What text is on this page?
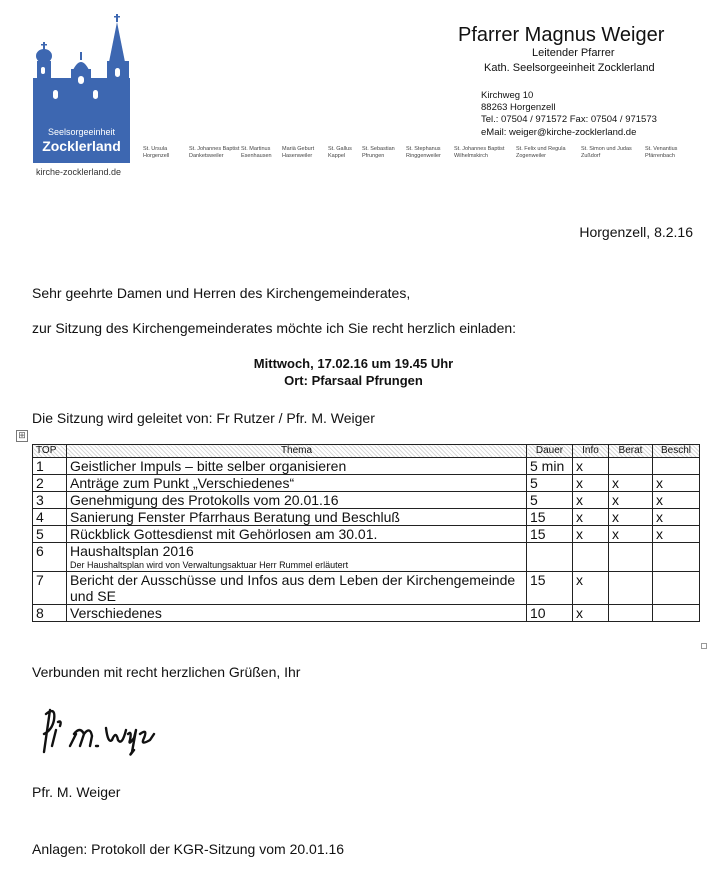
Seelsorgeeinheit
Zocklerland
kirche-zocklerland.de
St. Ursula
Horgenzell
St. Johannes Baptist
Danketsweiler
St. Martinus
Esenhausen
Mariä Geburt
Hasenweiler
St. Gallus
Kappel
St. Sebastian
Pfrungen
St. Stephanus
Ringgenweiler
St. Johannes Baptist
Wilhelmskirch
St. Felix und Regula
Zogenweiler
St. Simon und Judas
Zußdorf
St. Venantius
Pfärrenbach
Pfarrer Magnus Weiger
Leitender Pfarrer
Kath. Seelsorgeeinheit Zocklerland
Kirchweg 10
88263 Horgenzell
Tel.: 07504 / 971572 Fax: 07504 / 971573
eMail: weiger@kirche-zocklerland.de
Horgenzell, 8.2.16
Sehr geehrte Damen und Herren des Kirchengemeinderates,
zur Sitzung des Kirchengemeinderates möchte ich Sie recht herzlich einladen:
Mittwoch, 17.02.16 um 19.45 Uhr
Ort: Pfarsaal Pfrungen
Die Sitzung wird geleitet von: Fr Rutzer / Pfr. M. Weiger
⊞
TOP	Thema	Dauer	Info	Berat	Beschl
1	Geistlicher Impuls – bitte selber organisieren	5 min	x		
2	Anträge zum Punkt „Verschiedenes“	5	x	x	x
3	Genehmigung des Protokolls vom 20.01.16	5	x	x	x
4	Sanierung Fenster Pfarrhaus Beratung und Beschluß	15	x	x	x
5	Rückblick Gottesdienst mit Gehörlosen am 30.01.	15	x	x	x
6	Haushaltsplan 2016
Der Haushaltsplan wird von Verwaltungsaktuar Herr Rummel erläutert				

7	Bericht der Ausschüsse und Infos aus dem Leben der Kirchengemeinde und SE	15	x		
8	Verschiedenes	10	x		
Verbunden mit recht herzlichen Grüßen, Ihr
Pfr. M. Weiger
Anlagen: Protokoll der KGR-Sitzung vom 20.01.16
